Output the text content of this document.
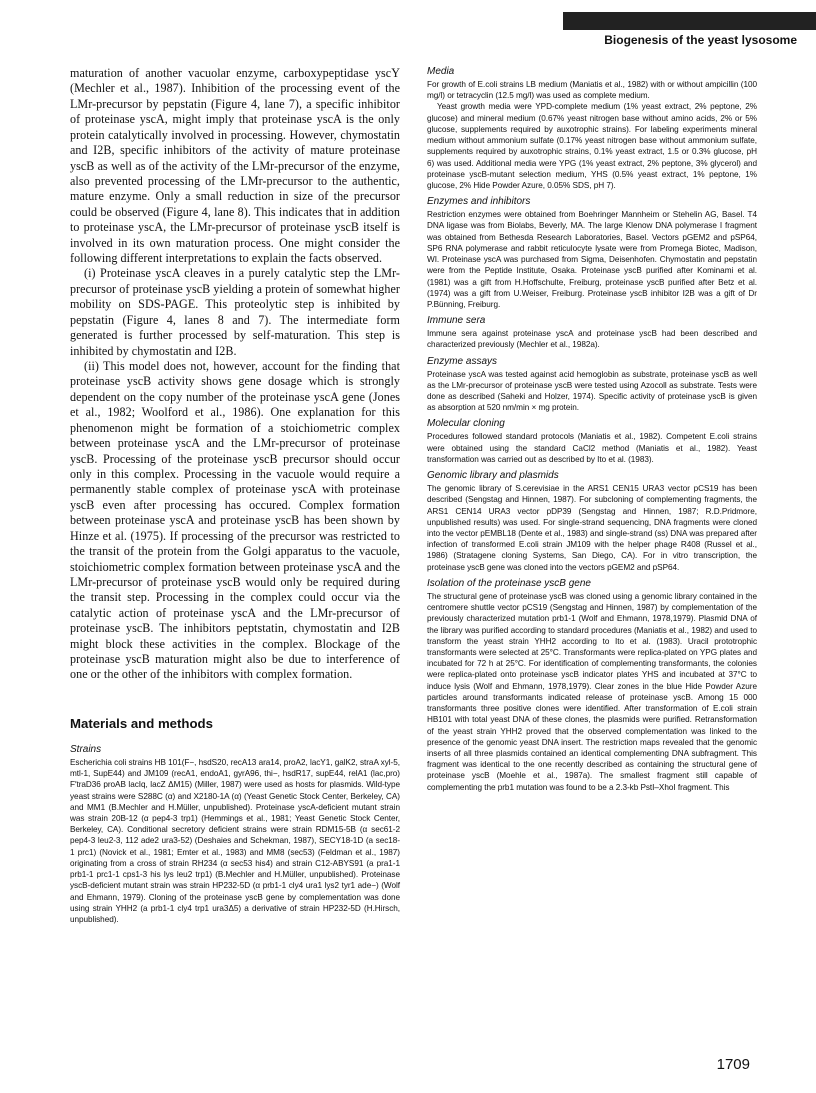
Biogenesis of the yeast lysosome

maturation of another vacuolar enzyme, carboxypeptidase yscY (Mechler et al., 1987). Inhibition of the processing event of the LMr-precursor by pepstatin (Figure 4, lane 7), a specific inhibitor of proteinase yscA, might imply that proteinase yscA is the only protein catalytically involved in processing. However, chymostatin and I2B, specific inhibitors of the activity of mature proteinase yscB as well as of the activity of the LMr-precursor of the enzyme, also prevented processing of the LMr-precursor to the authentic, mature enzyme. Only a small reduction in size of the precursor could be observed (Figure 4, lane 8). This indicates that in addition to proteinase yscA, the LMr-precursor of proteinase yscB itself is involved in its own maturation process. One might consider the following different interpretations to explain the facts observed.

(i) Proteinase yscA cleaves in a purely catalytic step the LMr-precursor of proteinase yscB yielding a protein of somewhat higher mobility on SDS-PAGE. This proteolytic step is inhibited by pepstatin (Figure 4, lanes 8 and 7). The intermediate form generated is further processed by self-maturation. This step is inhibited by chymostatin and I2B.

(ii) This model does not, however, account for the finding that proteinase yscB activity shows gene dosage which is strongly dependent on the copy number of the proteinase yscA gene (Jones et al., 1982; Woolford et al., 1986). One explanation for this phenomenon might be formation of a stoichiometric complex between proteinase yscA and the LMr-precursor of proteinase yscB. Processing of the proteinase yscB precursor should occur only in this complex. Processing in the vacuole would require a permanently stable complex of proteinase yscA with proteinase yscB even after processing has occured. Complex formation between proteinase yscA and proteinase yscB has been shown by Hinze et al. (1975). If processing of the precursor was restricted to the transit of the protein from the Golgi apparatus to the vacuole, stoichiometric complex formation between proteinase yscA and the LMr-precursor of proteinase yscB would only be required during the transit step. Processing in the complex could occur via the catalytic action of proteinase yscA and the LMr-precursor of proteinase yscB. The inhibitors peptstatin, chymostatin and I2B might block these activities in the complex. Blockage of the proteinase yscB maturation might also be due to interference of one or the other of the inhibitors with complex formation.

Materials and methods
Strains

Escherichia coli strains HB 101(F−, hsdS20, recA13 ara14, proA2, lacY1, galK2, straA xyl-5, mtl-1, SupE44) and JM109 (recA1, endoA1, gyrA96, thi−, hsdR17, supE44, relA1 (lac,pro) F′traD36 proAB lacIq, lacZ ΔM15) (Miller, 1987) were used as hosts for plasmids. Wild-type yeast strains were S288C (α) and X2180-1A (α) (Yeast Genetic Stock Center, Berkeley, CA) and MM1 (B.Mechler and H.Müller, unpublished). Proteinase yscA-deficient mutant strain was strain 20B-12 (α pep4-3 trp1) (Hemmings et al., 1981; Yeast Genetic Stock Center, Berkeley, CA). Conditional secretory deficient strains were strain RDM15-5B (α sec61-2 pep4-3 leu2-3, 112 ade2 ura3-52) (Deshaies and Schekman, 1987), SECY18-1D (a sec18-1 prc1) (Novick et al., 1981; Emter et al., 1983) and MM8 (sec53) (Feldman et al., 1987) originating from a cross of strain RH234 (α sec53 his4) and strain C12-ABYS91 (a pra1-1 prb1-1 prc1-1 cps1-3 his lys leu2 trp1) (B.Mechler and H.Müller, unpublished). Proteinase yscB-deficient mutant strain was strain HP232-5D (α prb1-1 cly4 ura1 lys2 tyr1 ade−) (Wolf and Ehmann, 1979). Cloning of the proteinase yscB gene by complementation was done using strain YHH2 (a prb1-1 cly4 trp1 ura3Δ5) a derivative of strain HP232-5D (H.Hirsch, unpublished).

Media

For growth of E.coli strains LB medium (Maniatis et al., 1982) with or without ampicillin (100 mg/l) or tetracyclin (12.5 mg/l) was used as complete medium.

Yeast growth media were YPD-complete medium (1% yeast extract, 2% peptone, 2% glucose) and mineral medium (0.67% yeast nitrogen base without amino acids, 2% or 5% glucose, supplements required by auxotrophic strains). For labeling experiments mineral medium without ammonium sulfate (0.17% yeast nitrogen base without ammonium sulfate, supplements required by auxotrophic strains, 0.1% yeast extract, 1.5 or 0.3% glucose, pH 6) was used. Additional media were YPG (1% yeast extract, 2% peptone, 3% glycerol) and proteinase yscB-mutant selection medium, YHS (0.5% yeast extract, 1% peptone, 1% glucose, 2% Hide Powder Azure, 0.05% SDS, pH 7).

Enzymes and inhibitors

Restriction enzymes were obtained from Boehringer Mannheim or Stehelin AG, Basel. T4 DNA ligase was from Biolabs, Beverly, MA. The large Klenow DNA polymerase I fragment was obtained from Bethesda Research Laboratories, Basel. Vectors pGEM2 and pSP64, SP6 RNA polymerase and rabbit reticulocyte lysate were from Promega Biotec, Madison, WI. Proteinase yscA was purchased from Sigma, Deisenhofen. Chymostatin and pepstatin were from the Peptide Institute, Osaka. Proteinase yscB purified after Kominami et al. (1981) was a gift from H.Hoffschulte, Freiburg, proteinase yscB purified after Betz et al. (1974) was a gift from U.Weiser, Freiburg. Proteinase yscB inhibitor I2B was a gift of Dr P.Bünning, Freiburg.

Immune sera

Immune sera against proteinase yscA and proteinase yscB had been described and characterized previously (Mechler et al., 1982a).

Enzyme assays

Proteinase yscA was tested against acid hemoglobin as substrate, proteinase yscB as well as the LMr-precursor of proteinase yscB were tested using Azocoll as substrate. Tests were done as described (Saheki and Holzer, 1974). Specific activity of proteinase yscB is given as absorption at 520 nm/min × mg protein.

Molecular cloning

Procedures followed standard protocols (Maniatis et al., 1982). Competent E.coli strains were obtained using the standard CaCl2 method (Maniatis et al., 1982). Yeast transformation was carried out as described by Ito et al. (1983).

Genomic library and plasmids

The genomic library of S.cerevisiae in the ARS1 CEN15 URA3 vector pCS19 has been described (Sengstag and Hinnen, 1987). For subcloning of complementing fragments, the ARS1 CEN14 URA3 vector pDP39 (Sengstag and Hinnen, 1987; R.D.Pridmore, unpublished results) was used. For single-strand sequencing, DNA fragments were cloned into the vector pEMBL18 (Dente et al., 1983) and single-strand (ss) DNA was prepared after infection of transformed E.coli strain JM109 with the helper phage R408 (Russel et al., 1986) (Stratagene cloning Systems, San Diego, CA). For in vitro transcription, the proteinase yscB gene was cloned into the vectors pGEM2 and pSP64.

Isolation of the proteinase yscB gene

The structural gene of proteinase yscB was cloned using a genomic library contained in the centromere shuttle vector pCS19 (Sengstag and Hinnen, 1987) by complementation of the previously characterized mutation prb1-1 (Wolf and Ehmann, 1978,1979). Plasmid DNA of the library was purified according to standard procedures (Maniatis et al., 1982) and used to transform the yeast strain YHH2 according to Ito et al. (1983). Uracil prototrophic transformants were selected at 25°C. Transformants were replica-plated on YPG plates and incubated for 72 h at 25°C. For identification of complementing transformants, the colonies were replica-plated onto proteinase yscB indicator plates YHS and incubated at 37°C to induce lysis (Wolf and Ehmann, 1978,1979). Clear zones in the blue Hide Powder Azure particles around transformants indicated release of proteinase yscB. Among 15 000 transformants three positive clones were identified. After transformation of E.coli strain HB101 with total yeast DNA of these clones, the plasmids were purified. Retransformation of the yeast strain YHH2 proved that the observed complementation was linked to the presence of the genomic yeast DNA insert. The restriction maps revealed that the genomic inserts of all three plasmids contained an identical complementing DNA subfragment. This fragment was identical to the one recently described as containing the structural gene of proteinase yscB (Moehle et al., 1987a). The smallest fragment still capable of complementing the prb1 mutation was found to be a 2.3-kb PstI–XhoI fragment. This

1709
